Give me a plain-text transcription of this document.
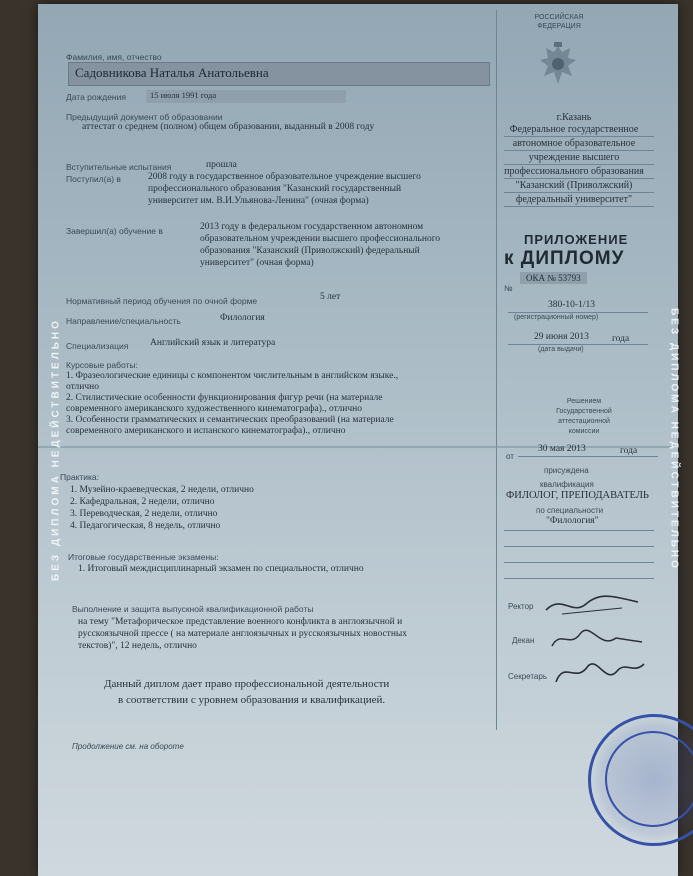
БЕЗ ДИПЛОМА НЕДЕЙСТВИТЕЛЬНО	БЕЗ ДИПЛОМА НЕДЕЙСТВИТЕЛЬНО
Фамилия, имя, отчество
Садовникова Наталья Анатольевна
Дата рождения	15 июля 1991 года
Предыдущий документ об образовании
аттестат о среднем (полном) общем образовании, выданный в 2008 году
Вступительные испытания	прошла
Поступил(а) в	2008 году в государственное образовательное учреждение высшего
профессионального образования "Казанский государственный
университет им. В.И.Ульянова-Ленина" (очная форма)
Завершил(а) обучение в	2013 году в федеральном государственном автономном
образовательном учреждении высшего профессионального
образования "Казанский (Приволжский) федеральный
университет" (очная форма)
Нормативный период обучения по очной форме	5 лет
Направление/специальность	Филология
Специализация Английский язык и литература
Курсовые работы:
1. Фразеологические единицы с компонентом числительным в английском языке.,
отлично
2. Стилистические особенности функционирования фигур речи (на материале
современного американского художественного кинематографа)., отлично
3. Особенности грамматических и семантических преобразований (на материале
современного американского и испанского кинематографа)., отлично
Практика:
1. Музейно-краеведческая, 2 недели, отлично
2. Кафедральная, 2 недели, отлично
3. Переводческая, 2 недели, отлично
4. Педагогическая, 8 недель, отлично
Итоговые государственные экзамены:
1. Итоговый междисциплинарный экзамен по специальности, отлично
Выполнение и защита выпускной квалификационной работы
на тему "Метафорическое представление военного конфликта в англоязычной и
русскоязычной прессе ( на материале англоязычных и русскоязычных новостных
текстов)", 12 недель, отлично
Данный диплом дает право профессиональной деятельности
в соответствии с уровнем образования и квалификацией.
Продолжение см. на обороте
РОССИЙСКАЯ
ФЕДЕРАЦИЯ
г.Казань
Федеральное государственное
автономное образовательное
учреждение высшего
профессионального образования
"Казанский (Приволжский)
федеральный университет"
ПРИЛОЖЕНИЕ
к ДИПЛОМУ
№
ОКА № 53793
380-10-1/13
(регистрационный номер)
29 июня 2013 года
(дата выдачи)
Решением
Государственной
аттестационной
комиссии
от
30 мая 2013	года
присуждена
квалификация
ФИЛОЛОГ, ПРЕПОДАВАТЕЛЬ
по специальности
"Филология"
Ректор
Декан
Секретарь
